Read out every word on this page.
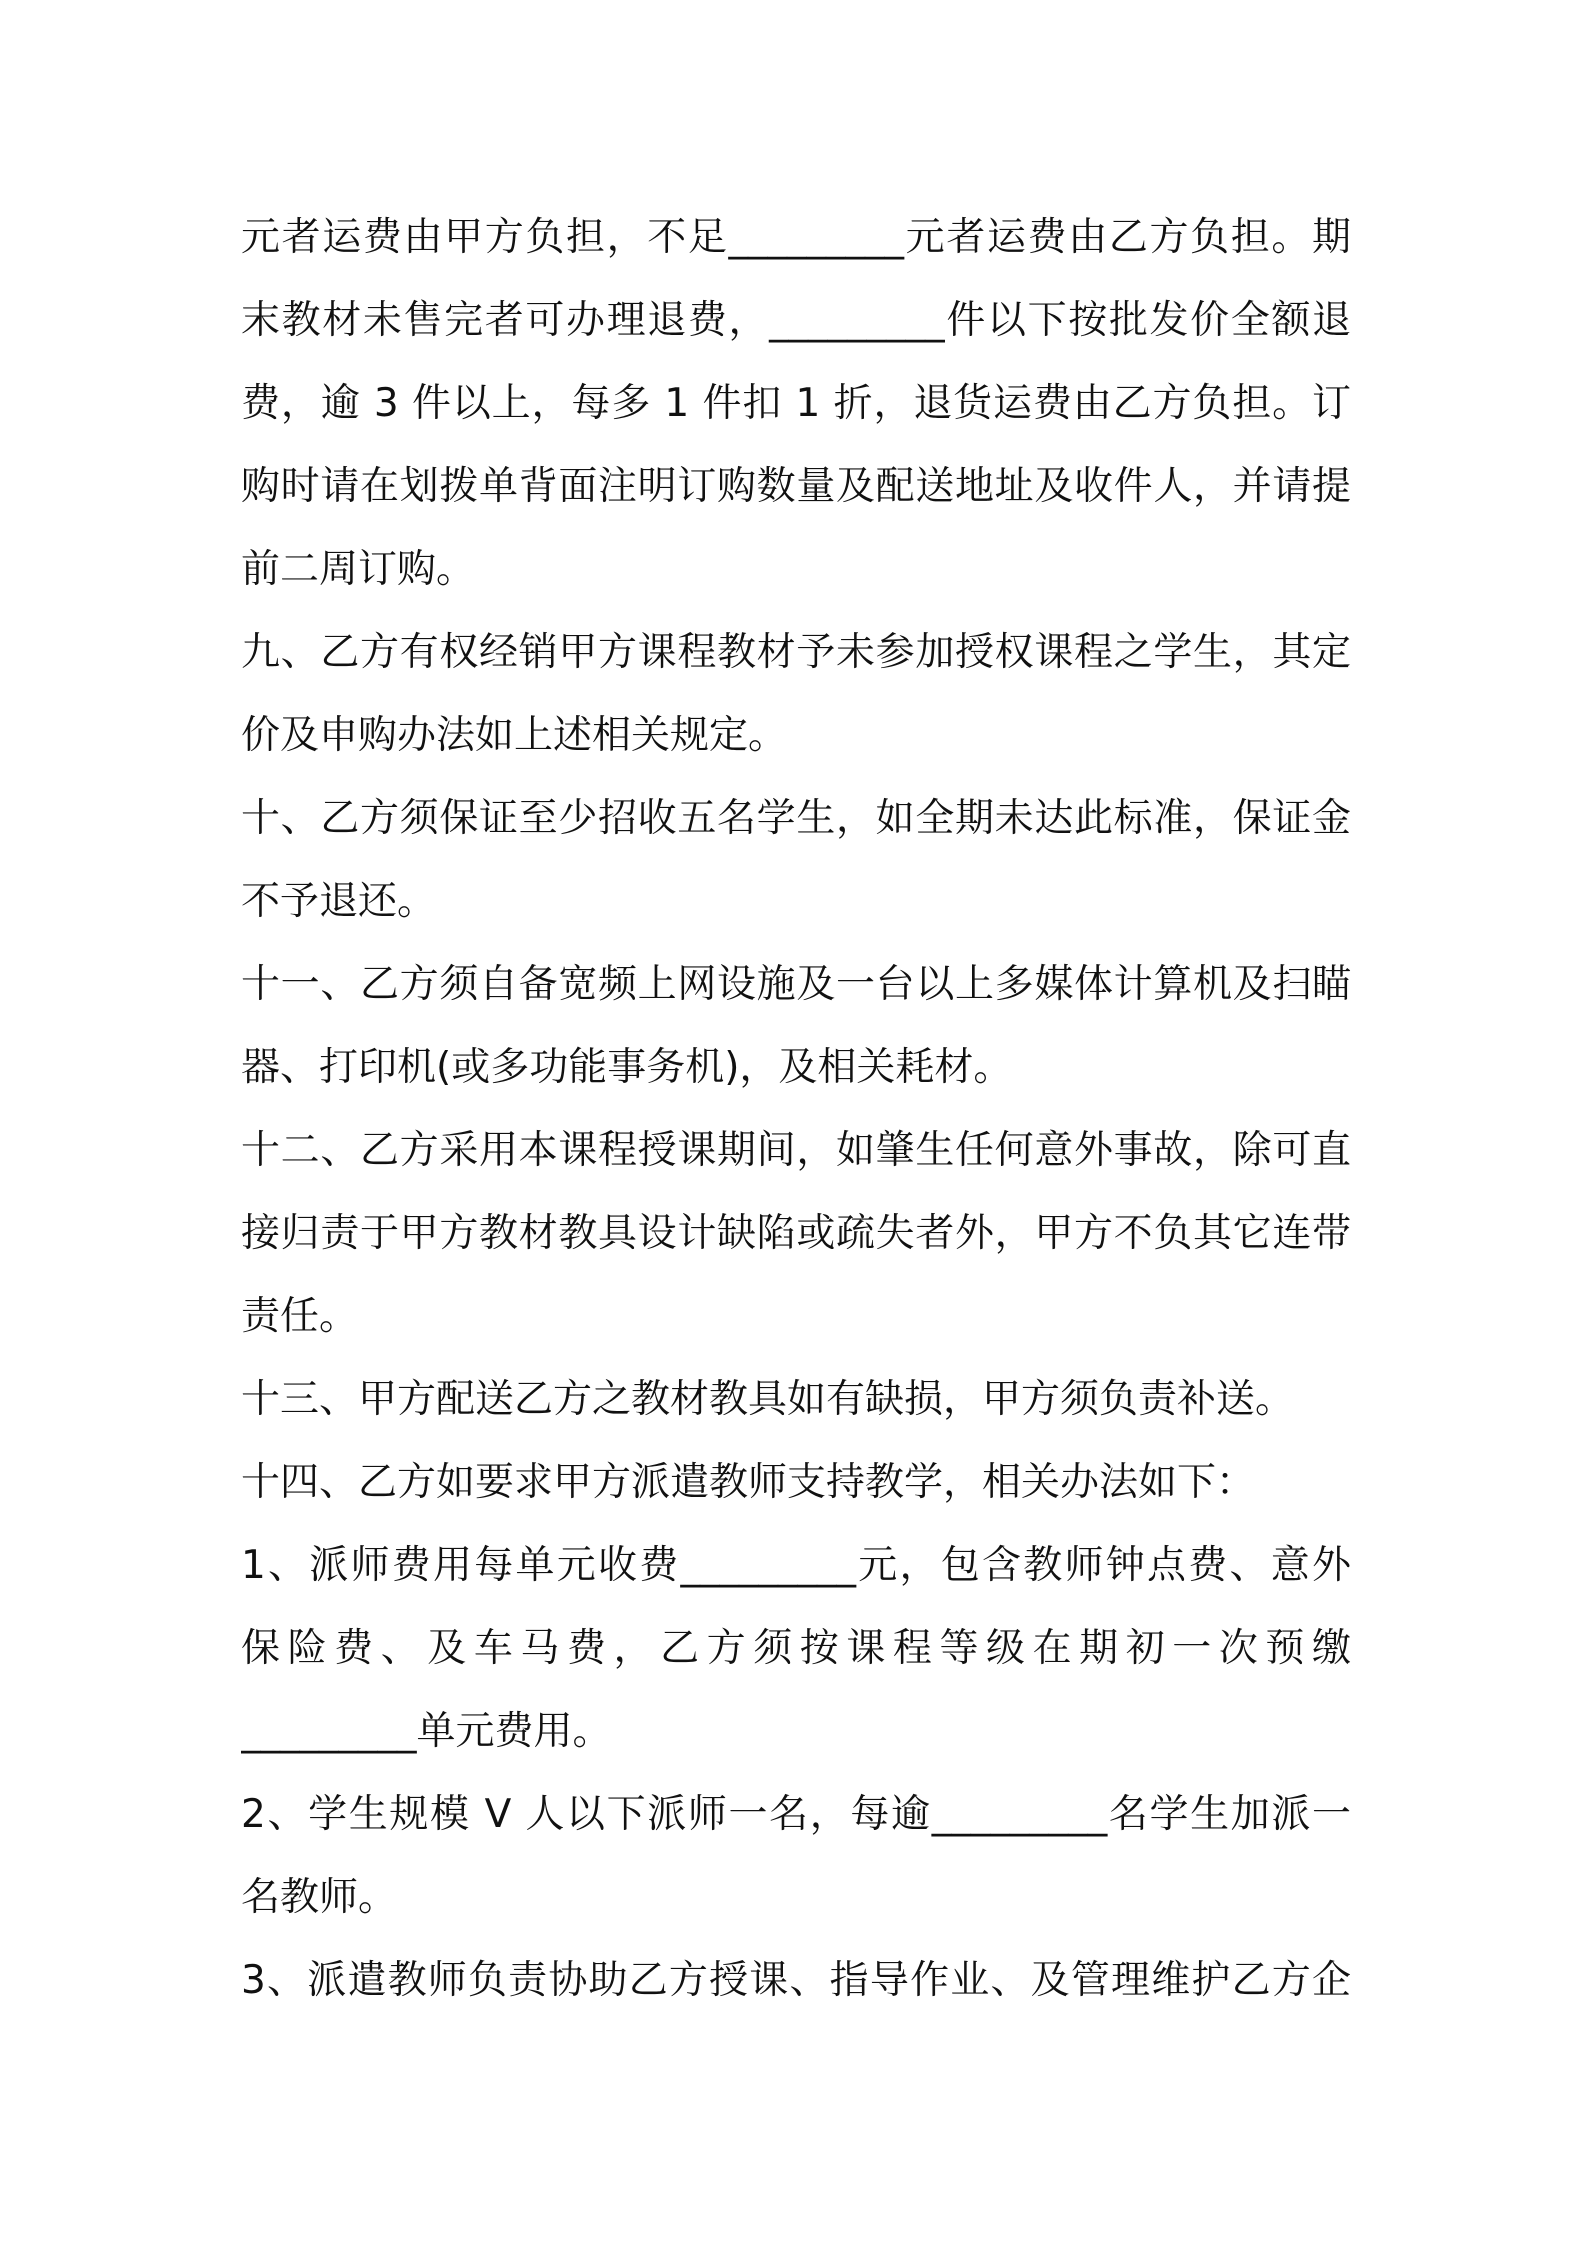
元者运费由甲方负担，不足_________元者运费由乙方负担。期
末教材未售完者可办理退费，_________件以下按批发价全额退
费，逾 3 件以上，每多 1 件扣 1 折，退货运费由乙方负担。订
购时请在划拨单背面注明订购数量及配送地址及收件人，并请提
前二周订购。
九、乙方有权经销甲方课程教材予未参加授权课程之学生，其定
价及申购办法如上述相关规定。
十、乙方须保证至少招收五名学生，如全期未达此标准，保证金
不予退还。
十一、乙方须自备宽频上网设施及一台以上多媒体计算机及扫瞄
器、打印机(或多功能事务机)，及相关耗材。
十二、乙方采用本课程授课期间，如肇生任何意外事故，除可直
接归责于甲方教材教具设计缺陷或疏失者外，甲方不负其它连带
责任。
十三、甲方配送乙方之教材教具如有缺损，甲方须负责补送。
十四、乙方如要求甲方派遣教师支持教学，相关办法如下：
1、派师费用每单元收费_________元，包含教师钟点费、意外
保险费、及车马费，乙方须按课程等级在期初一次预缴
_________单元费用。
2、学生规模 V 人以下派师一名，每逾_________名学生加派一
名教师。
3、派遣教师负责协助乙方授课、指导作业、及管理维护乙方企
